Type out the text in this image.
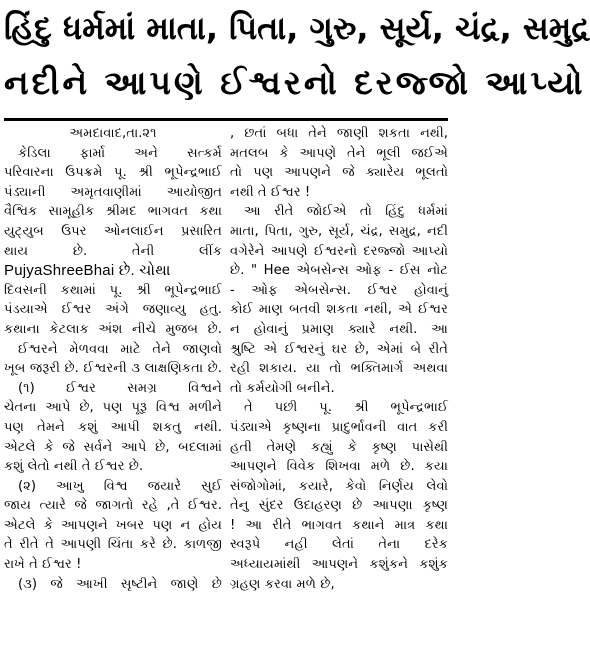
હિંદુ ધર્મમાં માતા, પિતા, ગુરુ, સૂર્ય, ચંદ્ર, સમુદ્ર
નદીને આપણે ઈશ્વરનો દરજ્જો આપ્યો
અમદાવાદ,તા.૨૧
કેડિલા ફાર્મા અને સત્કર્મ
પરિવારના ઉપક્રમે પૂ. શ્રી ભૂપેન્દ્રભાઈ
પંડ્યાની અમૃતવાણીમાં આયોજીત
વૈશ્વિક સામૂહીક શ્રીમદ ભાગવત કથા
યુટ્યુબ ઉપર ઓનલાઈન પ્રસારિત
થાય છે. તેની લીંક
PujyaShreeBhai છે. ચોથા
દિવસની કથામાં પૂ. શ્રી ભૂપેન્દ્રભાઈ
પંડયાએ ઈશ્વર અંગે જણાવ્યુ હતુ.
કથાના કેટલાક અંશ નીચે મુજબ છે.
ઈશ્વરને મેળવવા માટે તેને જાણવો
ખૂબ જરૂરી છે. ઈશ્વરની ૩ લાક્ષણિકતા છે.
(૧) ઈશ્વર સમગ્ર વિશ્વને
ચેતના આપે છે, પણ પૂરૂ વિશ્વ મળીને
પણ તેમને કશું આપી શકતુ નથી.
એટલે કે જે સર્વને આપે છે, બદલામાં
કશું લેતો નથી તે ઈશ્વર છે.
(૨) આખુ વિશ્વ જયારે સુઈ
જાય ત્યારે જે જાગતો રહે ,તે ઈશ્વર.
એટલે કે આપણને ખબર પણ ન હોય
તે રીતે તે આપણી ચિંતા કરે છે. કાળજી
રાખે તે ઈશ્વર !
(૩) જે આખી સૃષ્ટીને જાણે છે
, છતાં બધા તેને જાણી શકતા નથી,
મતલબ કે આપણે તેને ભૂલી જઈએ
તો પણ આપણને જે ક્યારેય ભૂલતો
નથી તે ઈશ્વર !
આ રીતે જોઈએ તો હિંદુ ધર્મમાં
માતા, પિતા, ગુરુ, સૂર્ય, ચંદ્ર, સમુદ્ર, નદી
વગેરેને આપણે ઈશ્વરનો દરજ્જો આપ્યો
છે. " Hee એબસેન્સ ઓફ - ઈસ નોટ
- ઓફ એબસેન્સ. ઈશ્વર હોવાનું
કોઈ માણ બતવી શકતા નથી, એ ઈશ્વર
ન હોવાનું પ્રમાણ ક્યારે નથી. આ
શ્રુષ્ટિ એ ઈશ્વરનું ઘર છે, એમાં બે રીતે
રહી શકાય. યા તો ભક્તિમાર્ગ અથવા
તો કર્મયોગી બનીને.
તે પછી પૂ. શ્રી ભૂપેન્દ્રભાઈ
પંડ્યાએ કૃષ્ણના પ્રાદુર્ભાવની વાત કરી
હતી તેમણે કહ્યું કે કૃષ્ણ પાસેથી
આપણને વિવેક શિખવા મળે છે. કયા
સંજોગોમાં, કયારે, કેવો નિર્ણય લેવો
તેનુ સુંદર ઉદાહરણ છે આપણા કૃષ્ણ
! આ રીતે ભાગવત કથાને માત્ર કથા
સ્વરૂપે નહી લેતાં તેના દરેક
અધ્યાયમાંથી આપણને કશુંકને કશુંક
ગ્રહણ કરવા મળે છે,
